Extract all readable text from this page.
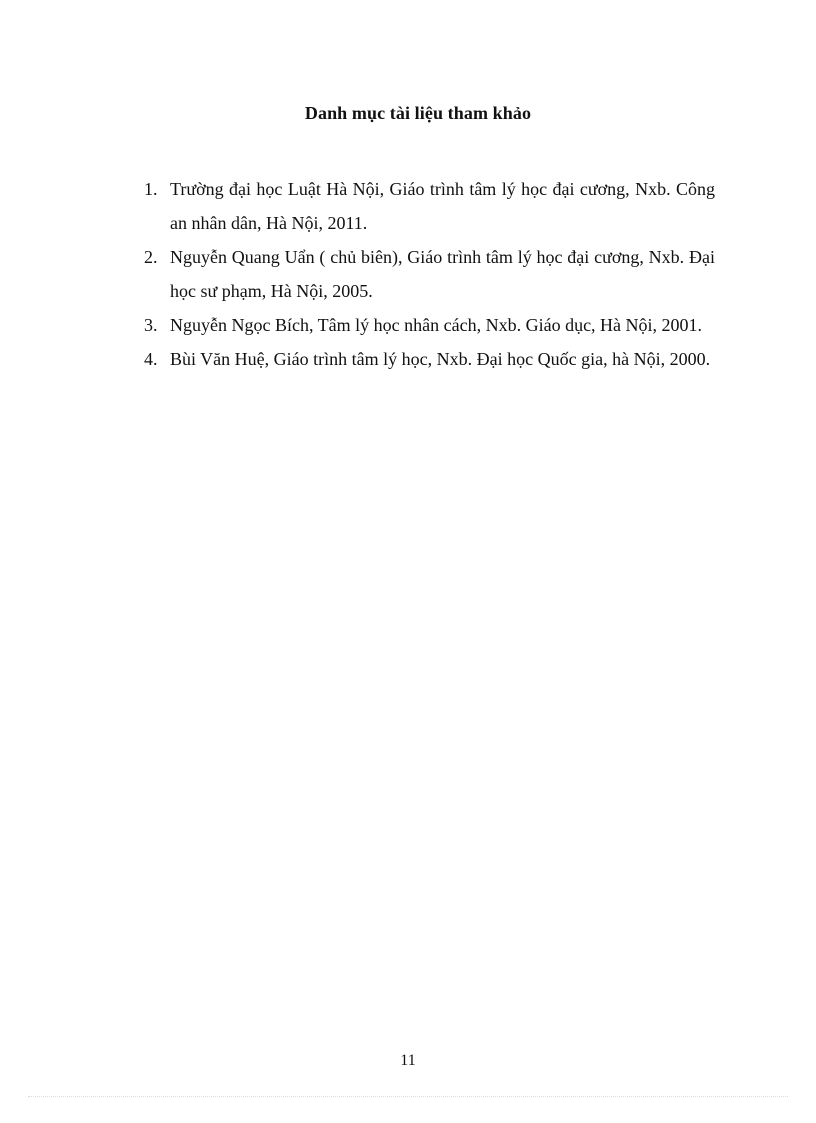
Danh mục tài liệu tham khảo
1. Trường đại học Luật Hà Nội, Giáo trình tâm lý học đại cương, Nxb. Công an nhân dân, Hà Nội, 2011.
2. Nguyễn Quang Uẩn ( chủ biên), Giáo trình tâm lý học đại cương, Nxb. Đại học sư phạm, Hà Nội, 2005.
3. Nguyễn Ngọc Bích, Tâm lý học nhân cách, Nxb. Giáo dục, Hà Nội, 2001.
4. Bùi Văn Huệ, Giáo trình tâm lý học, Nxb. Đại học Quốc gia, hà Nội, 2000.
11
